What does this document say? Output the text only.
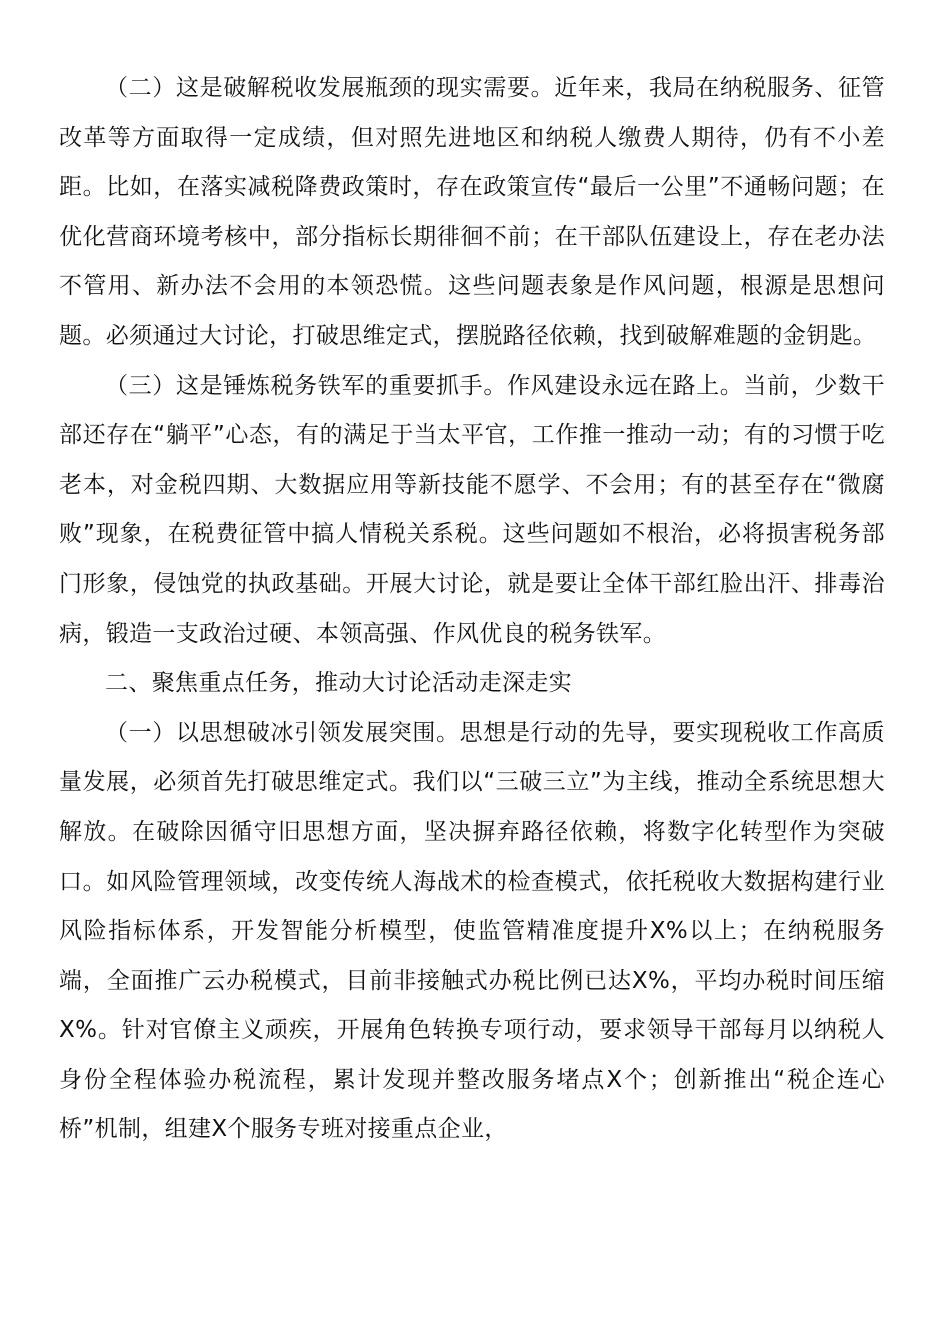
（二）这是破解税收发展瓶颈的现实需要。近年来，我局在纳税服务、征管改革等方面取得一定成绩，但对照先进地区和纳税人缴费人期待，仍有不小差距。比如，在落实减税降费政策时，存在政策宣传“最后一公里”不通畅问题；在优化营商环境考核中，部分指标长期徘徊不前；在干部队伍建设上，存在老办法不管用、新办法不会用的本领恐慌。这些问题表象是作风问题，根源是思想问题。必须通过大讨论，打破思维定式，摆脱路径依赖，找到破解难题的金钥匙。

（三）这是锤炼税务铁军的重要抓手。作风建设永远在路上。当前，少数干部还存在“躺平”心态，有的满足于当太平官，工作推一推动一动；有的习惯于吃老本，对金税四期、大数据应用等新技能不愿学、不会用；有的甚至存在“微腐败”现象，在税费征管中搞人情税关系税。这些问题如不根治，必将损害税务部门形象，侵蚀党的执政基础。开展大讨论，就是要让全体干部红脸出汗、排毒治病，锻造一支政治过硬、本领高强、作风优良的税务铁军。

二、聚焦重点任务，推动大讨论活动走深走实

（一）以思想破冰引领发展突围。思想是行动的先导，要实现税收工作高质量发展，必须首先打破思维定式。我们以“三破三立”为主线，推动全系统思想大解放。在破除因循守旧思想方面，坚决摒弃路径依赖，将数字化转型作为突破口。如风险管理领域，改变传统人海战术的检查模式，依托税收大数据构建行业风险指标体系，开发智能分析模型，使监管精准度提升X%以上；在纳税服务端，全面推广云办税模式，目前非接触式办税比例已达X%，平均办税时间压缩X%。针对官僚主义顽疾，开展角色转换专项行动，要求领导干部每月以纳税人身份全程体验办税流程，累计发现并整改服务堵点X个；创新推出“税企连心桥”机制，组建X个服务专班对接重点企业，
